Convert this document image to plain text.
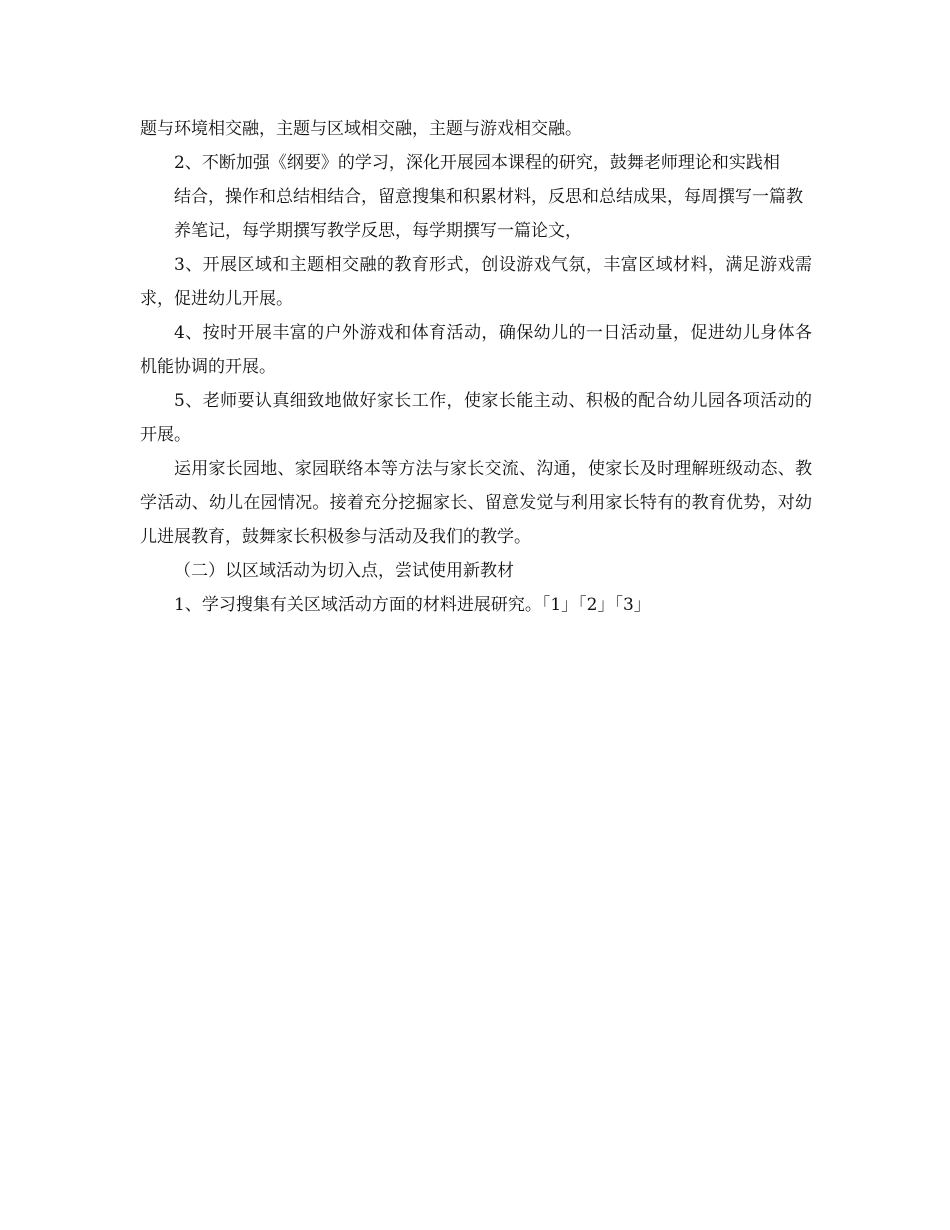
题与环境相交融，主题与区域相交融，主题与游戏相交融。

2、不断加强《纲要》的学习，深化开展园本课程的研究，鼓舞老师理论和实践相

结合，操作和总结相结合，留意搜集和积累材料，反思和总结成果，每周撰写一篇教

养笔记，每学期撰写教学反思，每学期撰写一篇论文，

3、开展区域和主题相交融的教育形式，创设游戏气氛，丰富区域材料，满足游戏需求，促进幼儿开展。

4、按时开展丰富的户外游戏和体育活动，确保幼儿的一日活动量，促进幼儿身体各机能协调的开展。

5、老师要认真细致地做好家长工作，使家长能主动、积极的配合幼儿园各项活动的开展。

运用家长园地、家园联络本等方法与家长交流、沟通，使家长及时理解班级动态、教学活动、幼儿在园情况。接着充分挖掘家长、留意发觉与利用家长特有的教育优势，对幼儿进展教育，鼓舞家长积极参与活动及我们的教学。

（二）以区域活动为切入点，尝试使用新教材

1、学习搜集有关区域活动方面的材料进展研究。「1」「2」「3」
